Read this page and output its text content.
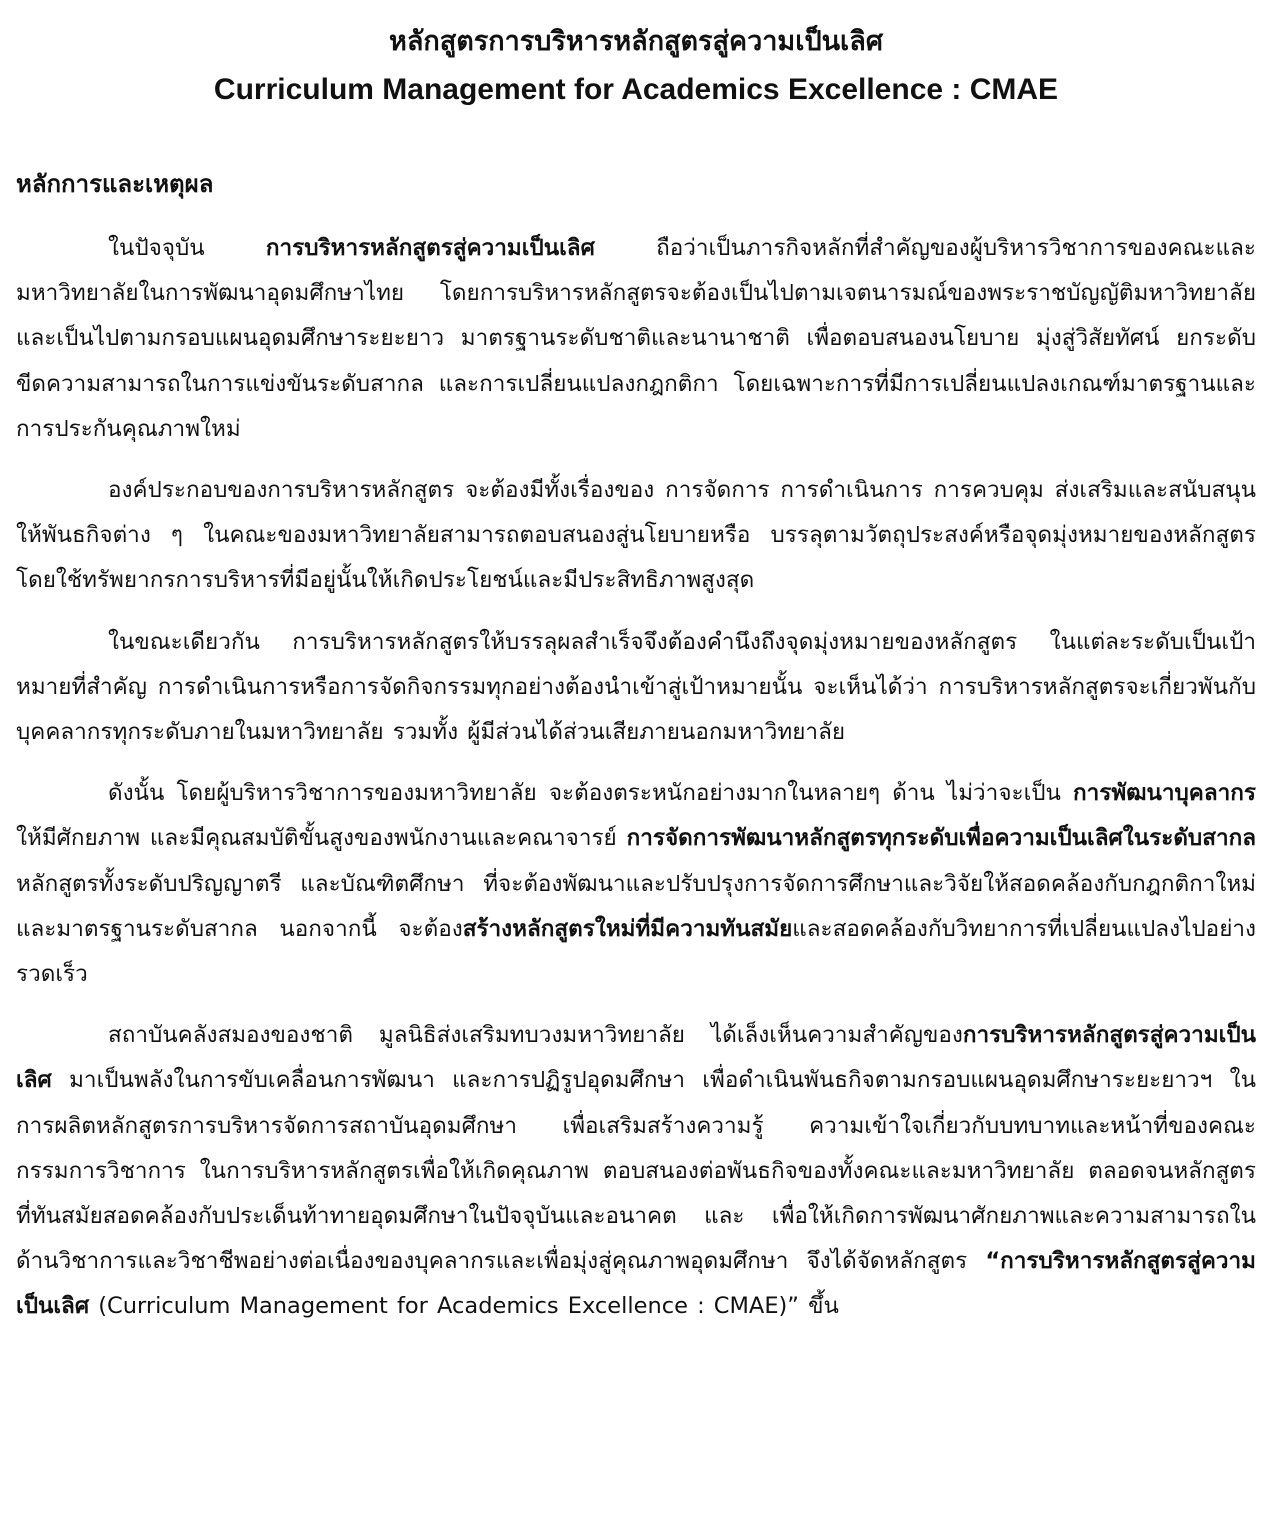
หลักสูตรการบริหารหลักสูตรสู่ความเป็นเลิศ
Curriculum Management for Academics Excellence : CMAE
หลักการและเหตุผล

ในปัจจุบัน การบริหารหลักสูตรสู่ความเป็นเลิศ ถือว่าเป็นภารกิจหลักที่สำคัญของผู้บริหารวิชาการของคณะและมหาวิทยาลัยในการพัฒนาอุดมศึกษาไทย โดยการบริหารหลักสูตรจะต้องเป็นไปตามเจตนารมณ์ของพระราชบัญญัติมหาวิทยาลัย และเป็นไปตามกรอบแผนอุดมศึกษาระยะยาว มาตรฐานระดับชาติและนานาชาติ เพื่อตอบสนองนโยบาย มุ่งสู่วิสัยทัศน์ ยกระดับขีดความสามารถในการแข่งขันระดับสากล และการเปลี่ยนแปลงกฎกติกา โดยเฉพาะการที่มีการเปลี่ยนแปลงเกณฑ์มาตรฐานและการประกันคุณภาพใหม่

องค์ประกอบของการบริหารหลักสูตร จะต้องมีทั้งเรื่องของ การจัดการ การดำเนินการ การควบคุม ส่งเสริมและสนับสนุนให้พันธกิจต่าง ๆ ในคณะของมหาวิทยาลัยสามารถตอบสนองสู่นโยบายหรือ บรรลุตามวัตถุประสงค์หรือจุดมุ่งหมายของหลักสูตรโดยใช้ทรัพยากรการบริหารที่มีอยู่นั้นให้เกิดประโยชน์และมีประสิทธิภาพสูงสุด

ในขณะเดียวกัน การบริหารหลักสูตรให้บรรลุผลสำเร็จจึงต้องคำนึงถึงจุดมุ่งหมายของหลักสูตร ในแต่ละระดับเป็นเป้าหมายที่สำคัญ การดำเนินการหรือการจัดกิจกรรมทุกอย่างต้องนำเข้าสู่เป้าหมายนั้น จะเห็นได้ว่า การบริหารหลักสูตรจะเกี่ยวพันกับบุคคลากรทุกระดับภายในมหาวิทยาลัย รวมทั้ง ผู้มีส่วนได้ส่วนเสียภายนอกมหาวิทยาลัย

ดังนั้น โดยผู้บริหารวิชาการของมหาวิทยาลัย จะต้องตระหนักอย่างมากในหลายๆ ด้าน ไม่ว่าจะเป็น การพัฒนาบุคลากร ให้มีศักยภาพ และมีคุณสมบัติขั้นสูงของพนักงานและคณาจารย์ การจัดการพัฒนาหลักสูตรทุกระดับเพื่อความเป็นเลิศในระดับสากล หลักสูตรทั้งระดับปริญญาตรี และบัณฑิตศึกษา ที่จะต้องพัฒนาและปรับปรุงการจัดการศึกษาและวิจัยให้สอดคล้องกับกฎกติกาใหม่และมาตรฐานระดับสากล นอกจากนี้ จะต้องสร้างหลักสูตรใหม่ที่มีความทันสมัยและสอดคล้องกับวิทยาการที่เปลี่ยนแปลงไปอย่างรวดเร็ว

สถาบันคลังสมองของชาติ มูลนิธิส่งเสริมทบวงมหาวิทยาลัย ได้เล็งเห็นความสำคัญของการบริหารหลักสูตรสู่ความเป็นเลิศ มาเป็นพลังในการขับเคลื่อนการพัฒนา และการปฏิรูปอุดมศึกษา เพื่อดำเนินพันธกิจตามกรอบแผนอุดมศึกษาระยะยาวฯ ในการผลิตหลักสูตรการบริหารจัดการสถาบันอุดมศึกษา เพื่อเสริมสร้างความรู้ ความเข้าใจเกี่ยวกับบทบาทและหน้าที่ของคณะกรรมการวิชาการ ในการบริหารหลักสูตรเพื่อให้เกิดคุณภาพ ตอบสนองต่อพันธกิจของทั้งคณะและมหาวิทยาลัย ตลอดจนหลักสูตรที่ทันสมัยสอดคล้องกับประเด็นท้าทายอุดมศึกษาในปัจจุบันและอนาคต และ เพื่อให้เกิดการพัฒนาศักยภาพและความสามารถในด้านวิชาการและวิชาชีพอย่างต่อเนื่องของบุคลากรและเพื่อมุ่งสู่คุณภาพอุดมศึกษา จึงได้จัดหลักสูตร “การบริหารหลักสูตรสู่ความเป็นเลิศ (Curriculum Management for Academics Excellence : CMAE)” ขึ้น
